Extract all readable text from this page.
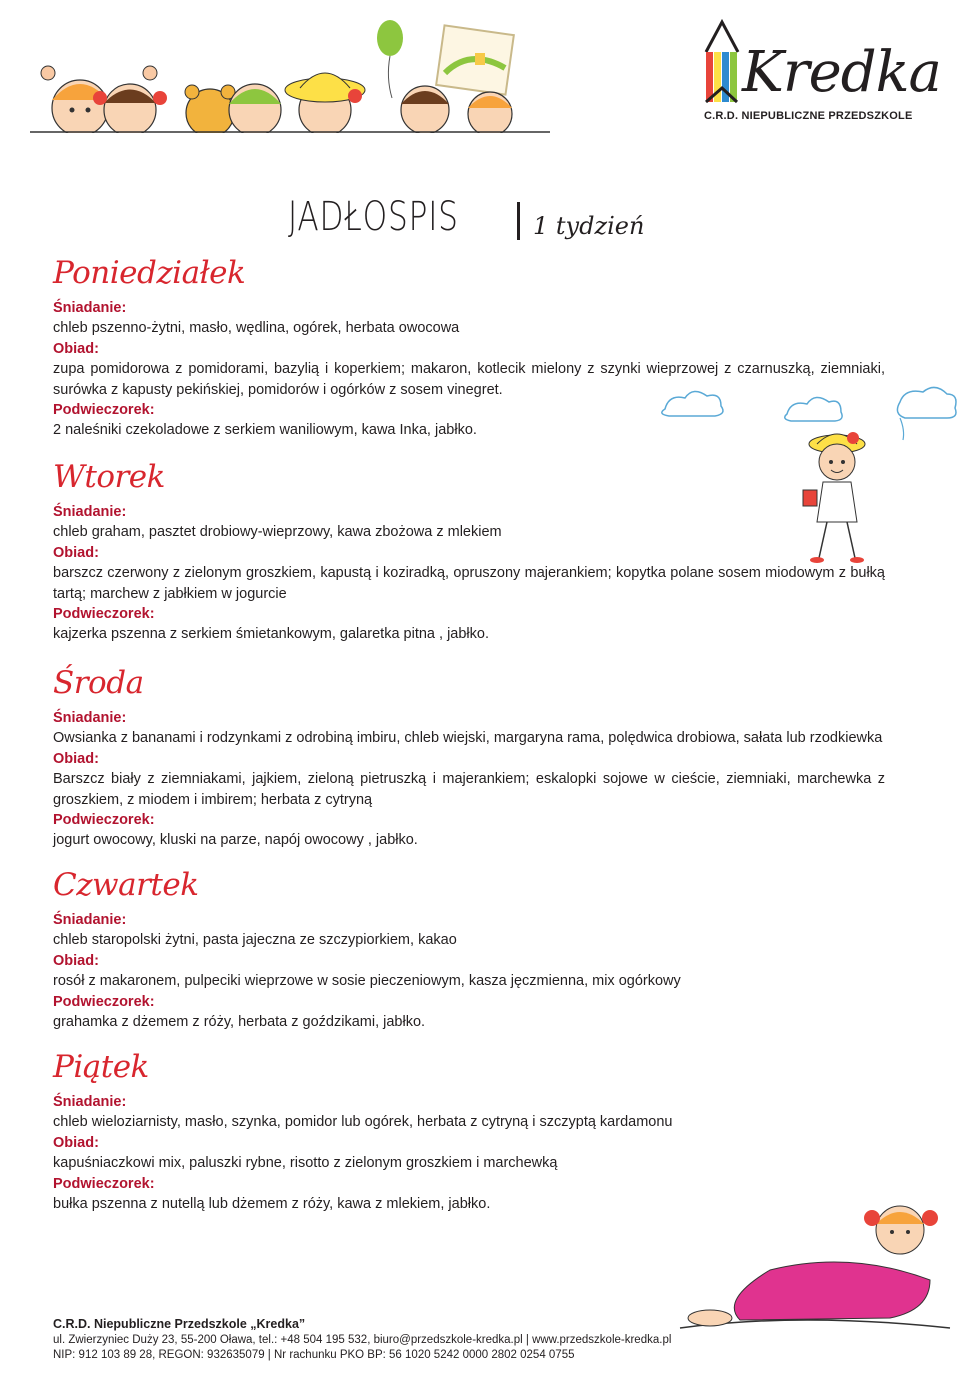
Kredka
C.R.D. NIEPUBLICZNE PRZEDSZKOLE
JADŁOSPIS	1 tydzień
Poniedziałek
Śniadanie:
chleb pszenno-żytni, masło, wędlina, ogórek, herbata owocowa
Obiad:
zupa pomidorowa z pomidorami, bazylią i koperkiem; makaron, kotlecik mielony z szynki wieprzowej z czarnuszką, ziemniaki, surówka z kapusty pekińskiej, pomidorów i ogórków z sosem vinegret.
Podwieczorek:
2 naleśniki czekoladowe z serkiem waniliowym, kawa Inka, jabłko.
Wtorek
Śniadanie:
chleb graham, pasztet drobiowy-wieprzowy, kawa zbożowa z mlekiem
Obiad:
barszcz czerwony z zielonym groszkiem, kapustą i koziradką, opruszony majerankiem; kopytka polane sosem miodowym z bułką tartą; marchew z jabłkiem w jogurcie
Podwieczorek:
kajzerka pszenna z serkiem śmietankowym, galaretka pitna , jabłko.
Środa
Śniadanie:
Owsianka z bananami i rodzynkami z odrobiną imbiru, chleb wiejski, margaryna rama, polędwica drobiowa, sałata lub rzodkiewka
Obiad:
Barszcz biały z ziemniakami, jajkiem, zieloną pietruszką i majerankiem; eskalopki sojowe w cieście, ziemniaki, marchewka z groszkiem, z miodem i imbirem; herbata z cytryną
Podwieczorek:
jogurt owocowy, kluski na parze, napój owocowy , jabłko.
Czwartek
Śniadanie:
chleb staropolski żytni, pasta jajeczna ze szczypiorkiem, kakao
Obiad:
rosół z makaronem, pulpeciki wieprzowe w sosie pieczeniowym, kasza jęczmienna, mix ogórkowy
Podwieczorek:
grahamka z dżemem z róży, herbata z goździkami, jabłko.
Piątek
Śniadanie:
chleb wieloziarnisty, masło, szynka, pomidor lub ogórek, herbata z cytryną i szczyptą kardamonu
Obiad:
kapuśniaczkowi mix, paluszki rybne, risotto z zielonym groszkiem i marchewką
Podwieczorek:
bułka pszenna z nutellą lub dżemem z róży, kawa z mlekiem, jabłko.
C.R.D. Niepubliczne Przedszkole „Kredka”
ul. Zwierzyniec Duży 23, 55-200 Oława, tel.: +48 504 195 532, biuro@przedszkole-kredka.pl | www.przedszkole-kredka.pl
NIP: 912 103 89 28, REGON: 932635079 | Nr rachunku PKO BP: 56 1020 5242 0000 2802 0254 0755
